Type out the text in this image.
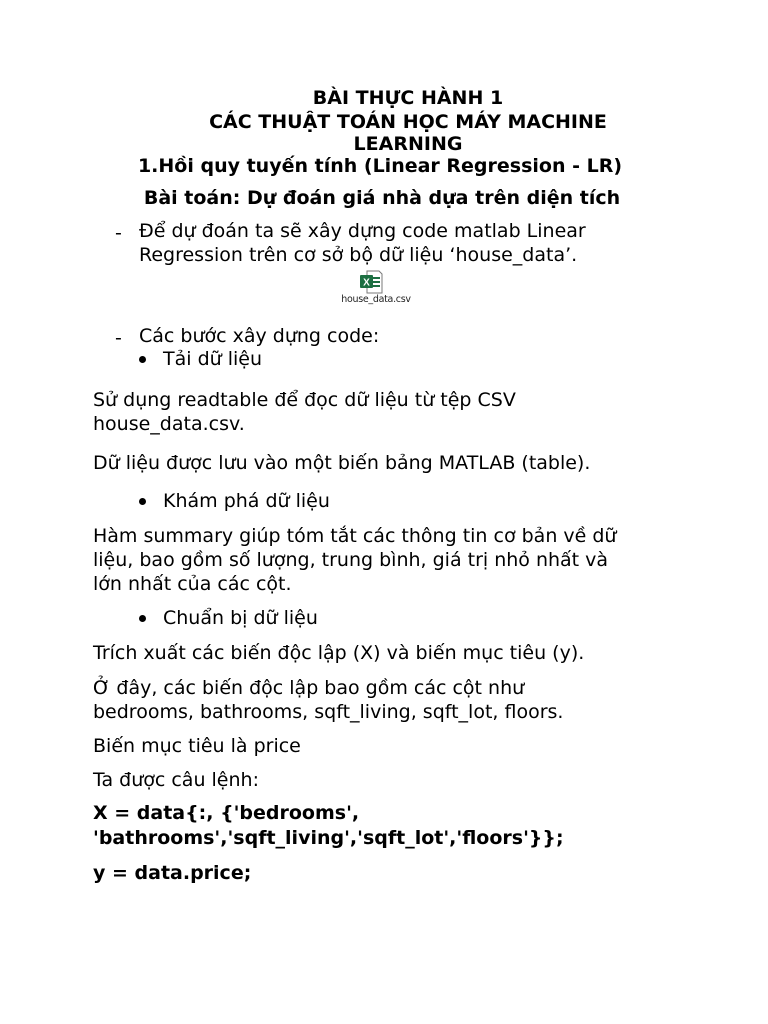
BÀI THỰC HÀNH 1
CÁC THUẬT TOÁN HỌC MÁY MACHINE
LEARNING
1.Hồi quy tuyến tính (Linear Regression - LR)
Bài toán: Dự đoán giá nhà dựa trên diện tích
- Để dự đoán ta sẽ xây dựng code matlab Linear
Regression trên cơ sở bộ dữ liệu ‘house_data’.
X
house_data.csv
- Các bước xây dựng code:
Tải dữ liệu
Sử dụng readtable để đọc dữ liệu từ tệp CSV
house_data.csv.
Dữ liệu được lưu vào một biến bảng MATLAB (table).
Khám phá dữ liệu
Hàm summary giúp tóm tắt các thông tin cơ bản về dữ
liệu, bao gồm số lượng, trung bình, giá trị nhỏ nhất và
lớn nhất của các cột.
Chuẩn bị dữ liệu
Trích xuất các biến độc lập (X) và biến mục tiêu (y).
Ở đây, các biến độc lập bao gồm các cột như
bedrooms, bathrooms, sqft_living, sqft_lot, floors.
Biến mục tiêu là price
Ta được câu lệnh:
X = data{:, {'bedrooms',
'bathrooms','sqft_living','sqft_lot','floors'}};
y = data.price;
